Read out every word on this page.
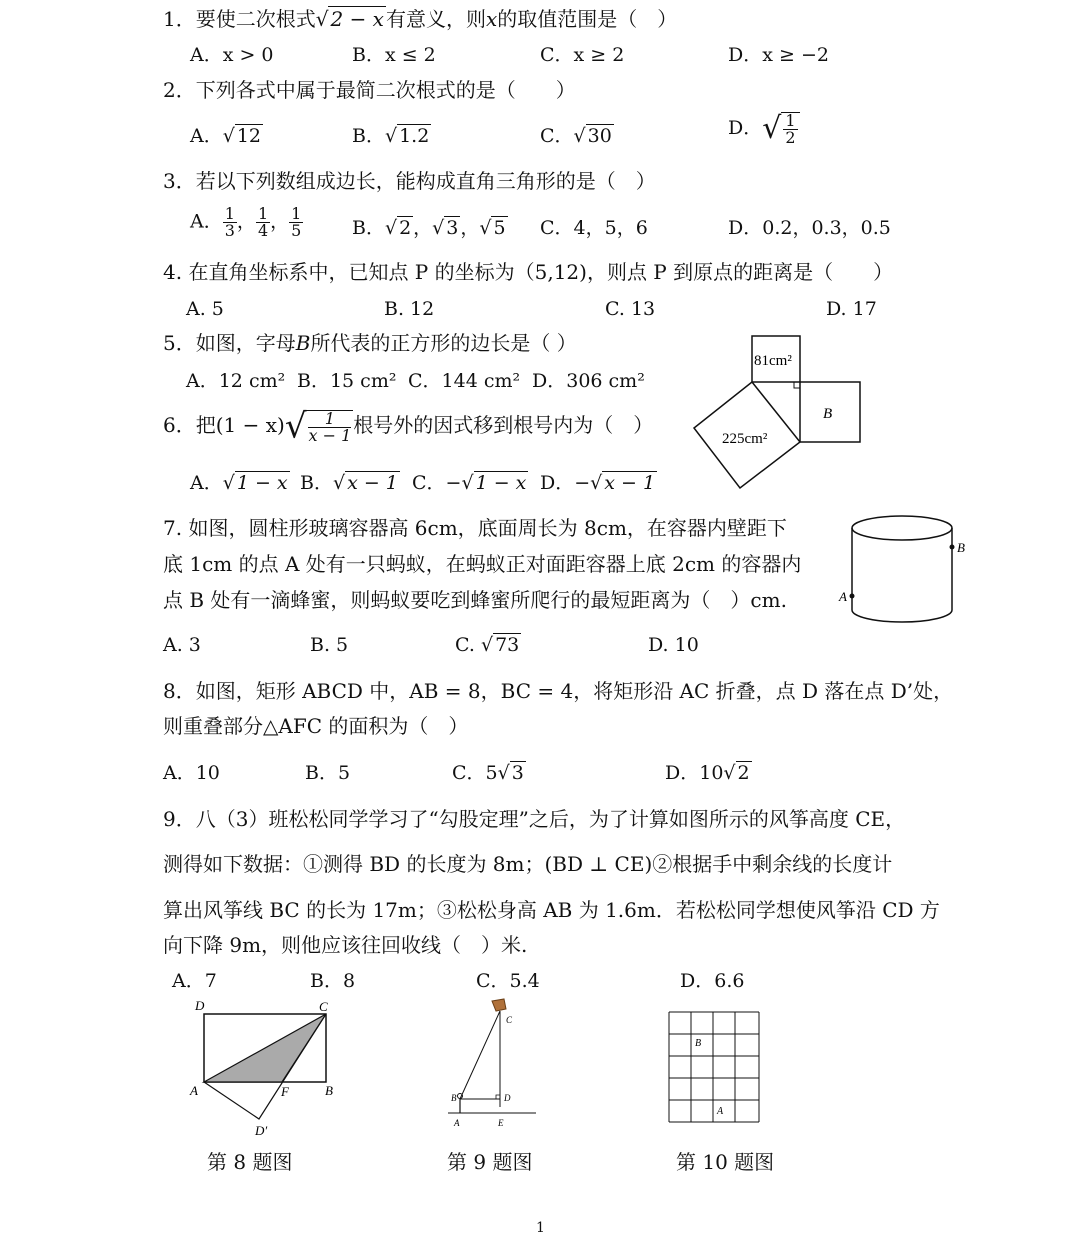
1．要使二次根式√ 2 − x 有意义，则x的取值范围是（　）
A．x > 0	B．x ≤ 2	C．x ≥ 2	D．x ≥ −2
2．下列各式中属于最简二次根式的是（　　）
A．√ 12	B．√ 1.2	C．√ 30	D．√ $\frac{1}{2}$
3．若以下列数组成边长，能构成直角三角形的是（　）
A． $\frac{1}{3}$ ， $\frac{1}{4}$ ， $\frac{1}{5}$	B．√ 2 ，√ 3 ，√ 5 C．4，5，6	D．0.2，0.3，0.5
4. 在直角坐标系中，已知点 P 的坐标为（5,12)，则点 P 到原点的距离是（　　）
A. 5	B. 12	C. 13	D. 17
5．如图，字母B所代表的正方形的边长是（ ）
A．12 cm² B．15 cm² C．144 cm² D．306 cm²
81cm²
B
225cm²
6．把$(1 - x)√ \frac{1}{x - 1}$ 根号外的因式移到根号内为（　）
A．√ 1 − x B．√ x − 1 C．−√ 1 − x D．−√ x − 1
7. 如图，圆柱形玻璃容器高 6cm，底面周长为 8cm，在容器内壁距下
底 1cm 的点 A 处有一只蚂蚁，在蚂蚁正对面距容器上底 2cm 的容器内
点 B 处有一滴蜂蜜，则蚂蚁要吃到蜂蜜所爬行的最短距离为（　）cm.
A. 3	B. 5	C. √ 73	D. 10
B
A
8．如图，矩形 ABCD 中，AB = 8，BC = 4，将矩形沿 AC 折叠，点 D 落在点 D’处，
则重叠部分△AFC 的面积为（　）
A．10	B．5	C．5√ 3	D．10√ 2
9．八（3）班松松同学学习了“勾股定理”之后，为了计算如图所示的风筝高度 CE，
测得如下数据：①测得 BD 的长度为 8m；(BD ⊥ CE)②根据手中剩余线的长度计
算出风筝线 BC 的长为 17m；③松松身高 AB 为 1.6m．若松松同学想使风筝沿 CD 方
向下降 9m，则他应该往回收线（　）米.
A．7	B．8	C．5.4	D．6.6
D	C
A	F	B
D′
第 8 题图
C
B	D
A	E
第 9 题图
B
A
第 10 题图
1
